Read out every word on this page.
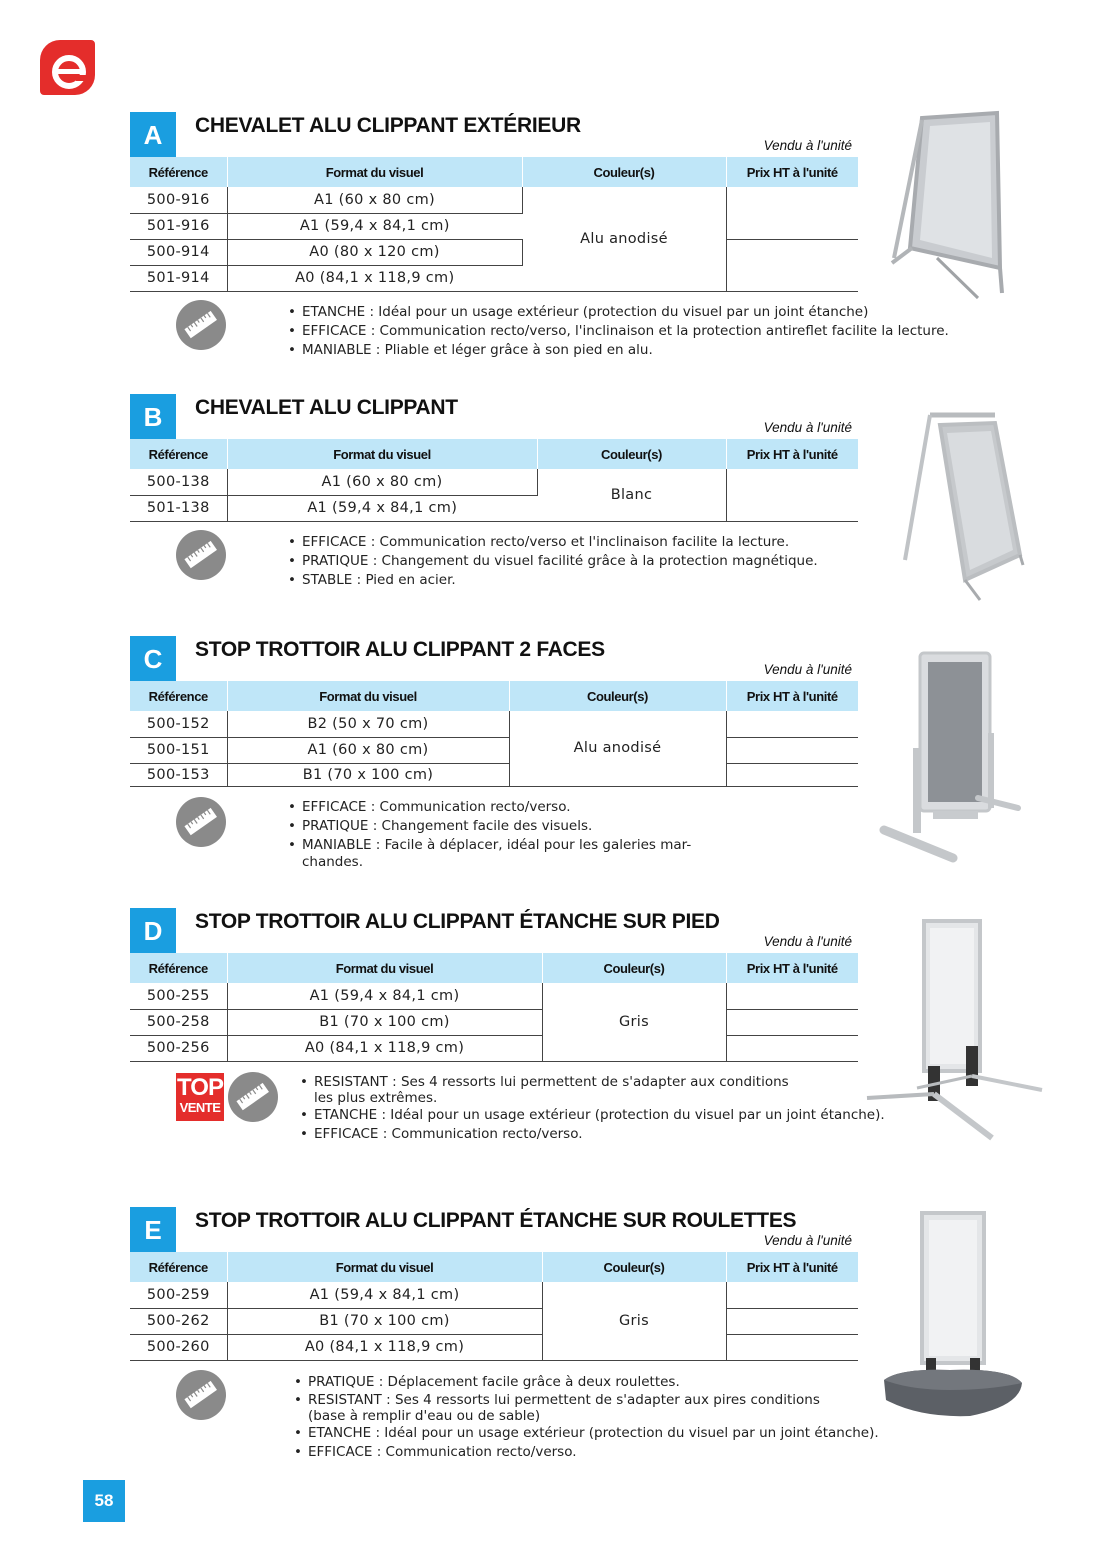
A	CHEVALET ALU CLIPPANT EXTÉRIEUR
Vendu à l'unité
Référence	Format du visuel	Couleur(s)	Prix HT à l'unité
500-916	A1 (60 x 80 cm)	Alu anodisé	
501-916	A1 (59,4 x 84,1 cm)		
500-914	A0 (80 x 120 cm)		
501-914	A0 (84,1 x 118,9 cm)		
• ETANCHE : Idéal pour un usage extérieur (protection du visuel par un joint étanche)
• EFFICACE : Communication recto/verso, l'inclinaison et la protection antireflet facilite la lecture.
• MANIABLE : Pliable et léger grâce à son pied en alu.
B	CHEVALET ALU CLIPPANT
Vendu à l'unité
Référence	Format du visuel	Couleur(s)	Prix HT à l'unité
500-138	A1 (60 x 80 cm)	Blanc	
501-138	A1 (59,4 x 84,1 cm)		
• EFFICACE : Communication recto/verso et l'inclinaison facilite la lecture.
• PRATIQUE : Changement du visuel facilité grâce à la protection magnétique.
• STABLE : Pied en acier.
C	STOP TROTTOIR ALU CLIPPANT 2 FACES
Vendu à l'unité
Référence	Format du visuel	Couleur(s)	Prix HT à l'unité
500-152	B2 (50 x 70 cm)	Alu anodisé	
500-151	A1 (60 x 80 cm)		
500-153	B1 (70 x 100 cm)		
• EFFICACE : Communication recto/verso.
• PRATIQUE : Changement facile des visuels.
• MANIABLE : Facile à déplacer, idéal pour les galeries mar-
chandes.
D	STOP TROTTOIR ALU CLIPPANT ÉTANCHE SUR PIED
Vendu à l'unité
Référence	Format du visuel	Couleur(s)	Prix HT à l'unité
500-255	A1 (59,4 x 84,1 cm)	Gris	
500-258	B1 (70 x 100 cm)		
500-256	A0 (84,1 x 118,9 cm)		
TOP
VENTE
• RESISTANT : Ses 4 ressorts lui permettent de s'adapter aux conditions
les plus extrêmes.
• ETANCHE : Idéal pour un usage extérieur (protection du visuel par un joint étanche).
• EFFICACE : Communication recto/verso.
E	STOP TROTTOIR ALU CLIPPANT ÉTANCHE SUR ROULETTES
Vendu à l'unité
Référence	Format du visuel	Couleur(s)	Prix HT à l'unité
500-259	A1 (59,4 x 84,1 cm)	Gris	
500-262	B1 (70 x 100 cm)		
500-260	A0 (84,1 x 118,9 cm)		
• PRATIQUE : Déplacement facile grâce à deux roulettes.
• RESISTANT : Ses 4 ressorts lui permettent de s'adapter aux pires conditions
(base à remplir d'eau ou de sable)
• ETANCHE : Idéal pour un usage extérieur (protection du visuel par un joint étanche).
• EFFICACE : Communication recto/verso.
58
